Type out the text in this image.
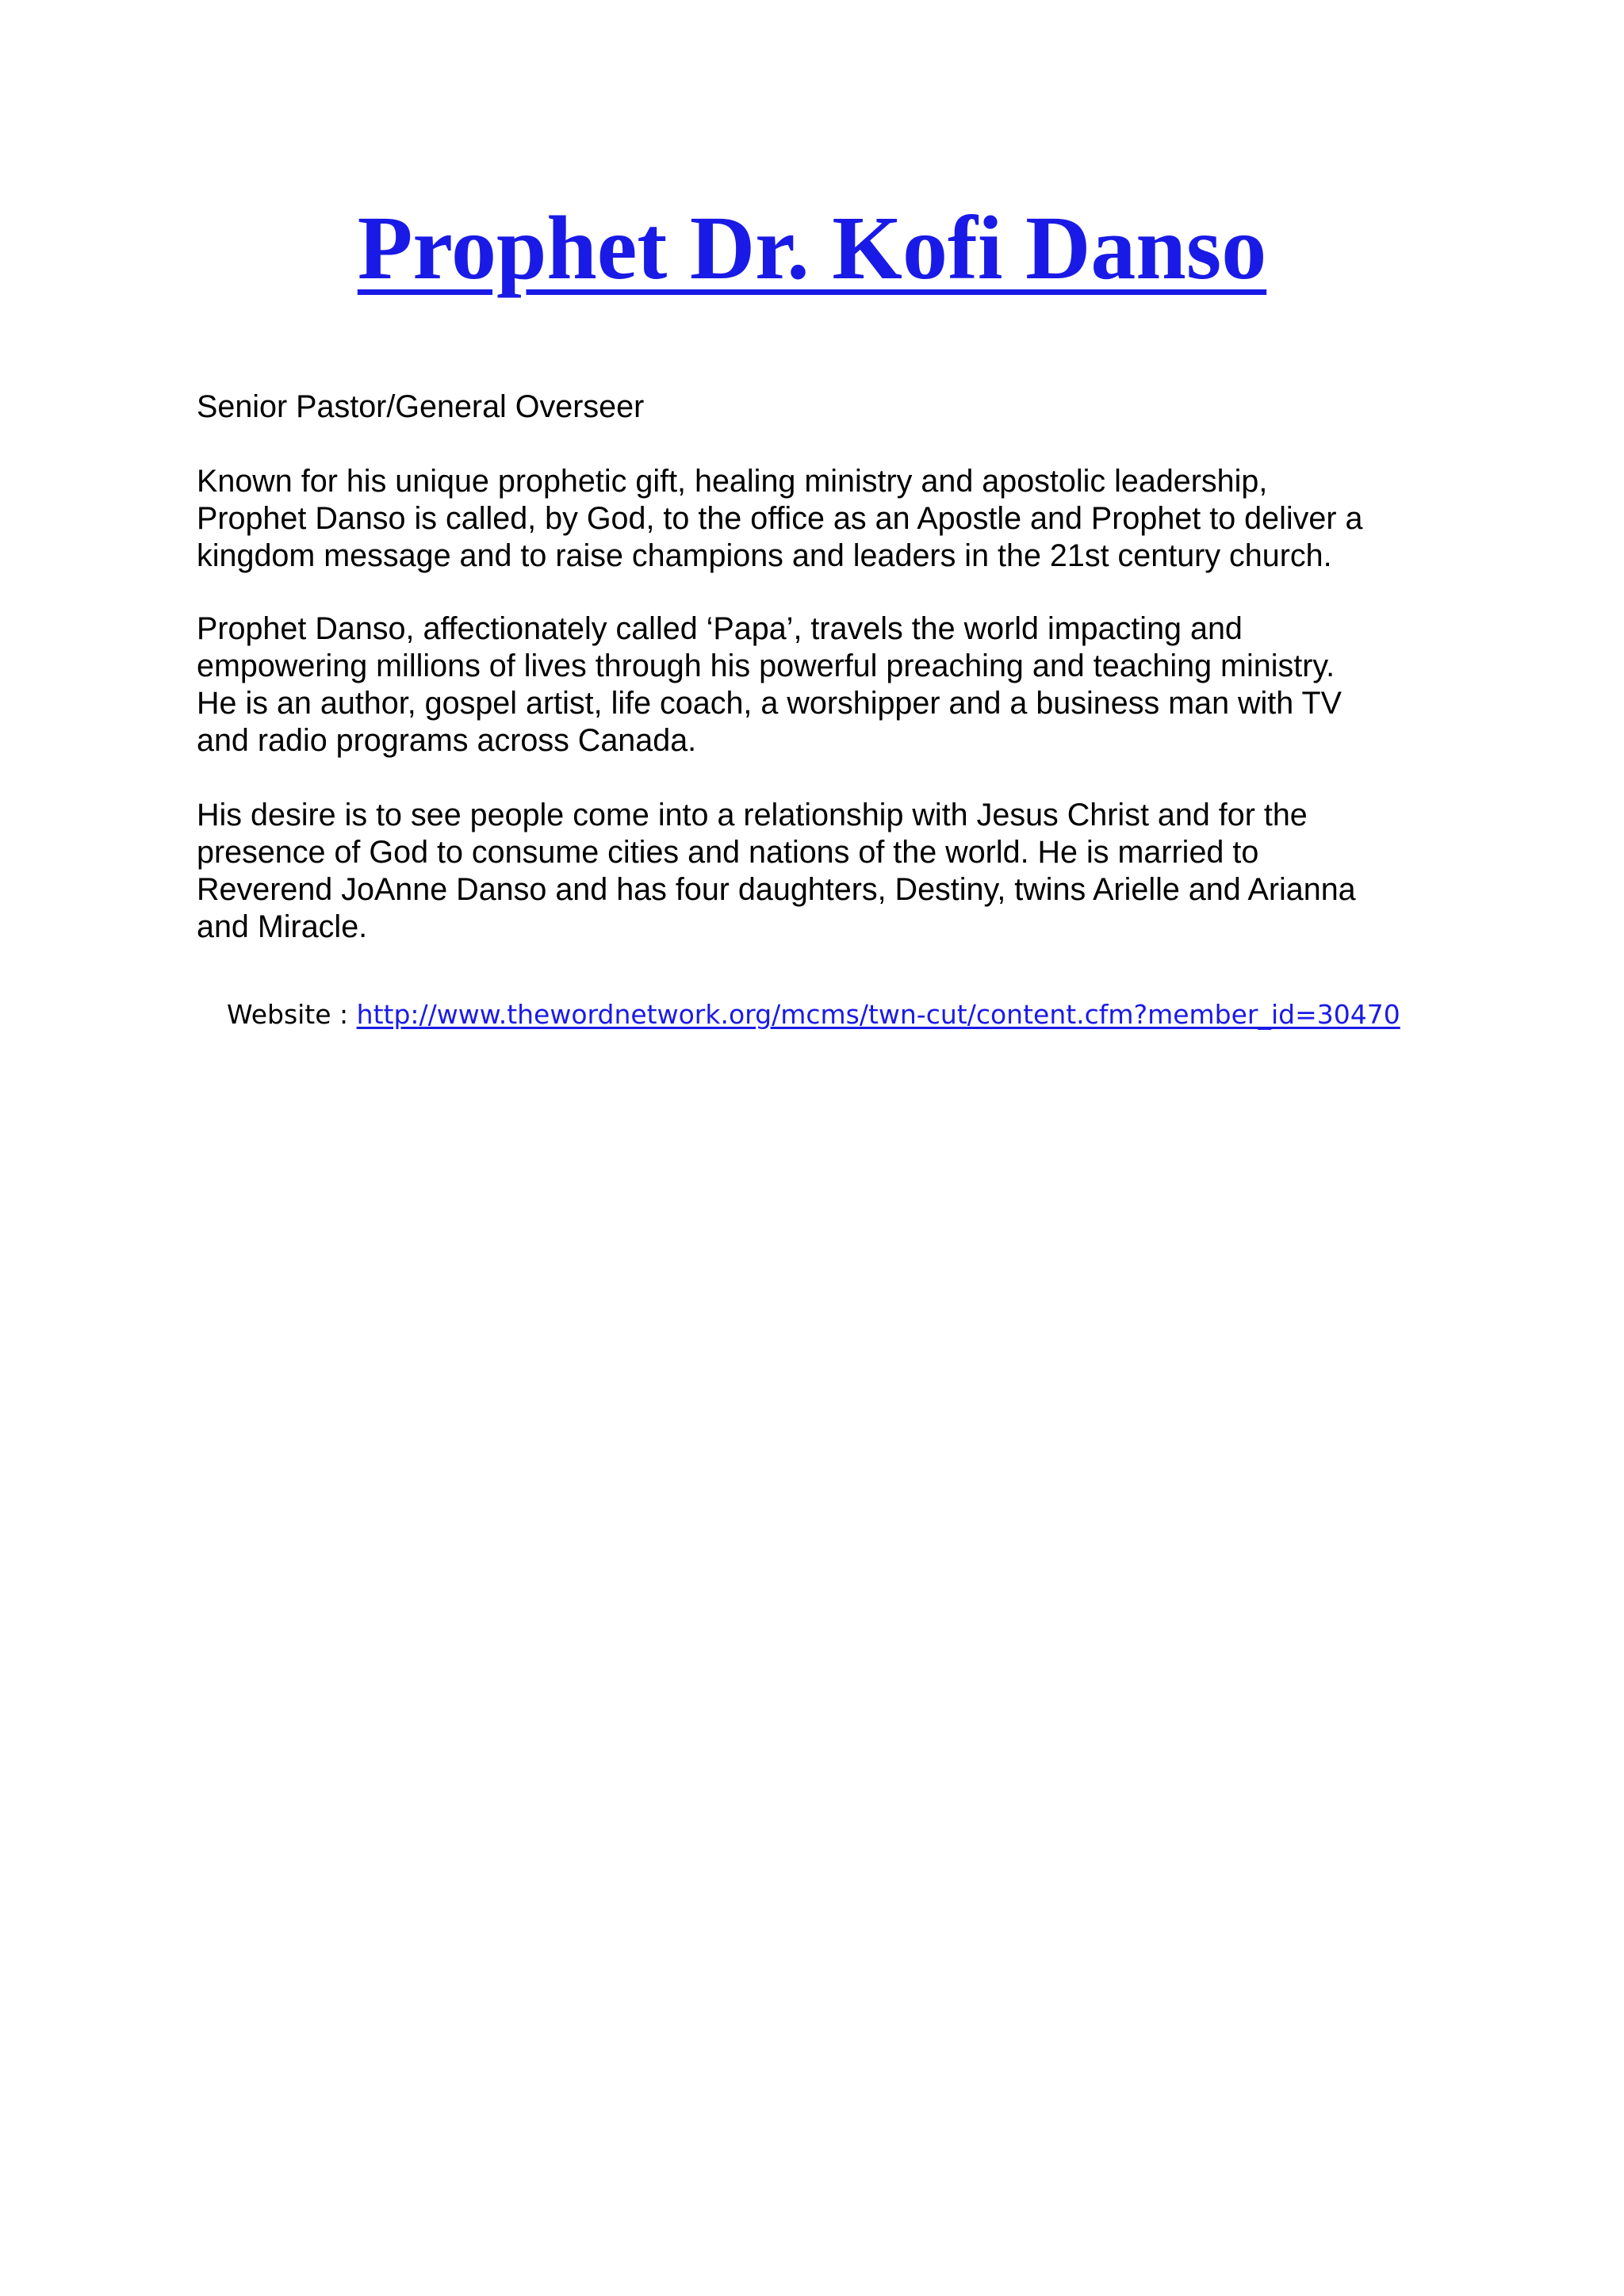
Prophet Dr. Kofi Danso

Senior Pastor/General Overseer

Known for his unique prophetic gift, healing ministry and apostolic leadership,
Prophet Danso is called, by God, to the office as an Apostle and Prophet to deliver a
kingdom message and to raise champions and leaders in the 21st century church.

Prophet Danso, affectionately called ‘Papa’, travels the world impacting and
empowering millions of lives through his powerful preaching and teaching ministry.
He is an author, gospel artist, life coach, a worshipper and a business man with TV
and radio programs across Canada.

His desire is to see people come into a relationship with Jesus Christ and for the
presence of God to consume cities and nations of the world. He is married to
Reverend JoAnne Danso and has four daughters, Destiny, twins Arielle and Arianna
and Miracle.

Website : http://www.thewordnetwork.org/mcms/twn-cut/content.cfm?member_id=30470
